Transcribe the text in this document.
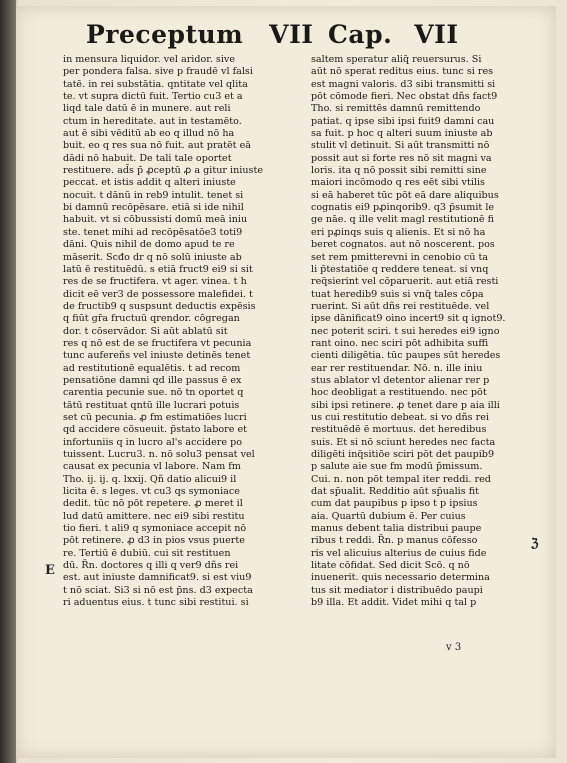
Preceptum VII Cap. VII
in mensura liquidor. vel aridor. sive
per pondera falsa. sive p fraudē vl falsi
tatē. in rei substātia. qntitate vel qlita
te. vt supra dictū fuit. Tertio cu3 et a
liqd tale datū ē in munere. aut reli
ctum in hereditate. aut in testamēto.
aut ē sibi vēditū ab eo q illud nō ha
buit. eo q res sua nō fuit. aut pratēt eā
dādi nō habuit. De tali tale oportet
restituere. ad̄s p̄ ꝓceptū ꝓ a gitur iniuste
peccat. et istis addit q alteri iniuste
nocuit. t dānū in reb9 intulit. tenet si
bi damnū recōpēsare. etiā si ide nihil
habuit. vt si cōbussisti domū meā iniu
ste. tenet mihi ad recōpēsatōe3 toti9
dāni. Quis nihil de domo apud te re
māserit. Scđo dr q nō solū iniuste ab
latū ē restituēdū. s etiā fruct9 ei9 si sit
res de se fructifera. vt ager. vinea. t h
dicit eē ver3 de possessore malefidei. t
de fructib9 q suspsunt deductis expēsis
q fiūt gr̄a fructuū qrendor. cōgregan
dor. t cōservādor. Si aūt ablatū sit
res q nō est de se fructifera vt pecunia
tunc aufereñs vel iniuste detinēs tenet
ad restitutionē equalētis. t ad recom
pensatiōne damni qd ille passus ē ex
carentia pecunie sue. nō tn oportet q
tātū restituat qntū ille lucrari potuis
set cū pecunia. ꝓ fm estimatiōes lucri
qd accidere cōsueuit. p̄stato labore et
infortuniis q in lucro al's accidere po
tuissent. Lucru3. n. nō solu3 pensat vel
causat ex pecunia vl labore. Nam fm
Tho. ij. ij. q. lxxij. Qñ datio alicui9 il
licita ē. s leges. vt cu3 qs symoniace
dedit. tūc nō pōt repetere. ꝓ meret il
lud datū amittere. nec ei9 sibi restitu
tio fieri. t ali9 q symoniace accepit nō
pōt retinere. ꝓ d3 in pios vsus puerte
re. Tertiū ē dubiū. cui sit restituen
dū. R̄n. doctores q illi q ver9 dñs rei
est. aut iniuste damnificat9. si est viu9
t nō sciat. Si3 si nō est p̄ns. d3 expecta
ri aduentus eius. t tunc sibi restitui. si
saltem speratur aliq̃ reuersurus. Si
aūt nō sperat reditus eius. tunc si res
est magni valoris. d3 sibi transmitti si
pōt cōmode fieri. Nec obstat dñs fact9
Tho. si remittēs damnū remittendo
patiat. q ipse sibi ipsi fuit9 damni cau
sa fuit. p hoc q alteri suum iniuste ab
stulit vl detinuit. Si aūt transmitti nō
possit aut si forte res nō sit magni va
loris. ita q nō possit sibi remitti sine
maiori incōmodo q res eēt sibi vtilis
si eā haberet tūc pōt eā dare aliquibus
cognatis ei9 pꝓinqorib9. q3 p̄sumit le
ge nāe. q ille velit magl restitutionē fi
eri pꝓinqs suis q alienis. Et si nō ha
beret cognatos. aut nō noscerent. pos
set rem pmitterevni in cenobio cū ta
li p̄testatiōe q reddere teneat. si vnq
req̃sierint vel cōparuerit. aut etiā resti
tuat heredib9 suis si vnq̃ tales cōpa
ruerint. Si aūt dñs rei restituēde. vel
ipse dānificat9 oino incert9 sit q ignot9.
nec poterit sciri. t sui heredes ei9 igno
rant oino. nec sciri pōt adhibita suffi
cienti diligētia. tūc paupes sūt heredes
ear rer restituendar. Nō. n. ille iniu
stus ablator vl detentor alienar rer p
hoc deobligat a restituendo. nec pōt
sibi ipsi retinere. ꝓ tenet dare p aia illi
us cui restitutio debeat. si vo dñs rei
restituēdē ē mortuus. det heredibus
suis. Et si nō sciunt heredes nec facta
diligēti inq̃sitiōe sciri pōt det paupib9
p salute aie sue fm modū p̄missum.
Cui. n. non pōt tempal iter reddi. red
dat sp̄ualit. Redditio aūt sp̄ualis fit
cum dat paupibus p ipso t p ipsius
aia. Quartū dubium ē. Per cuius
manus debent talia distribui paupe
ribus t reddi. R̄n. p manus cōfesso
ris vel alicuius alterius de cuius fide
litate cōfidat. Sed dicit Scō. q nō
inuenerit. quis necessario determina
tus sit mediator i distribuēdo paupi
b9 illa. Et addit. Videt mihi q tal p
E
ℨ
v 3
